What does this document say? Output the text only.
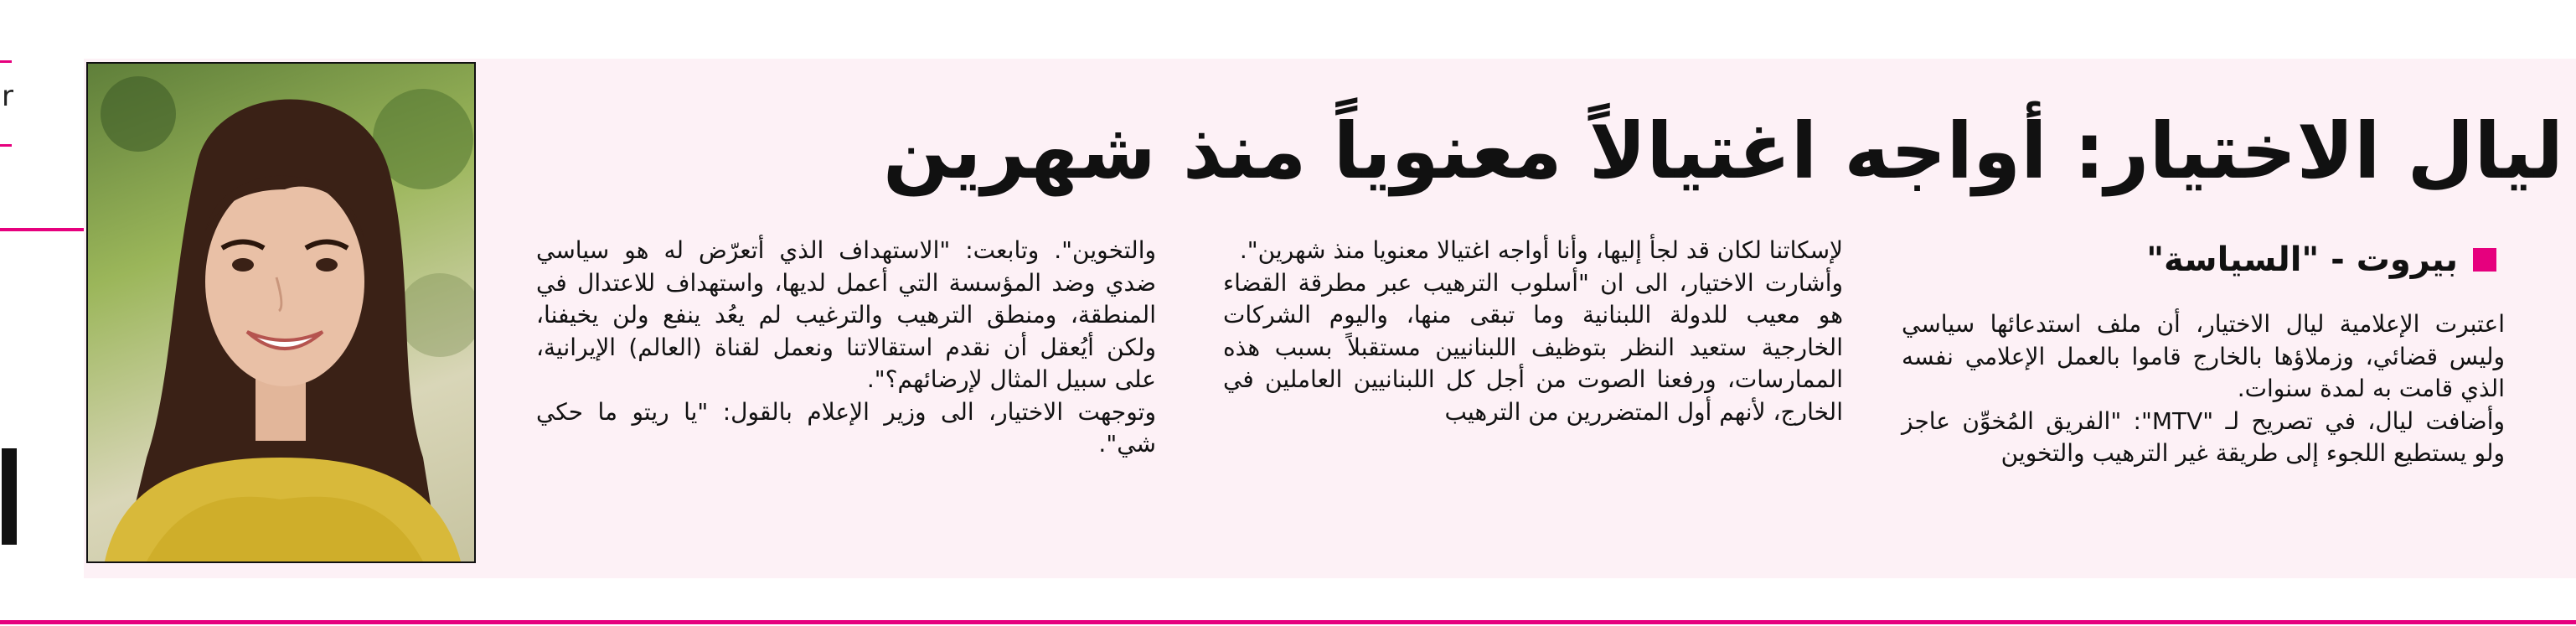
r
ليال الاختيار: أواجه اغتيالاً معنوياً منذ شهرين
بيروت - "السياسة"

اعتبرت الإعلامية ليال الاختيار، أن ملف استدعائها سياسي وليس قضائي، وزملاؤها بالخارج قاموا بالعمل الإعلامي نفسه الذي قامت به لمدة سنوات.

وأضافت ليال، في تصريح لـ "MTV": "الفريق المُخوِّن عاجز ولو يستطيع اللجوء إلى طريقة غير الترهيب والتخوين

لإسكاتنا لكان قد لجأ إليها، وأنا أواجه اغتيالا معنويا منذ شهرين".

وأشارت الاختيار، الى ان "أسلوب الترهيب عبر مطرقة القضاء هو معيب للدولة اللبنانية وما تبقى منها، واليوم الشركات الخارجية ستعيد النظر بتوظيف اللبنانيين مستقبلاً بسبب هذه الممارسات، ورفعنا الصوت من أجل كل اللبنانيين العاملين في الخارج، لأنهم أول المتضررين من الترهيب

والتخوين". وتابعت: "الاستهداف الذي أتعرّض له هو سياسي ضدي وضد المؤسسة التي أعمل لديها، واستهداف للاعتدال في المنطقة، ومنطق الترهيب والترغيب لم يعُد ينفع ولن يخيفنا، ولكن أيُعقل أن نقدم استقالاتنا ونعمل لقناة (العالم) الإيرانية، على سبيل المثال لإرضائهم؟".

وتوجهت الاختيار، الى وزير الإعلام بالقول: "يا ريتو ما حكي شي".
